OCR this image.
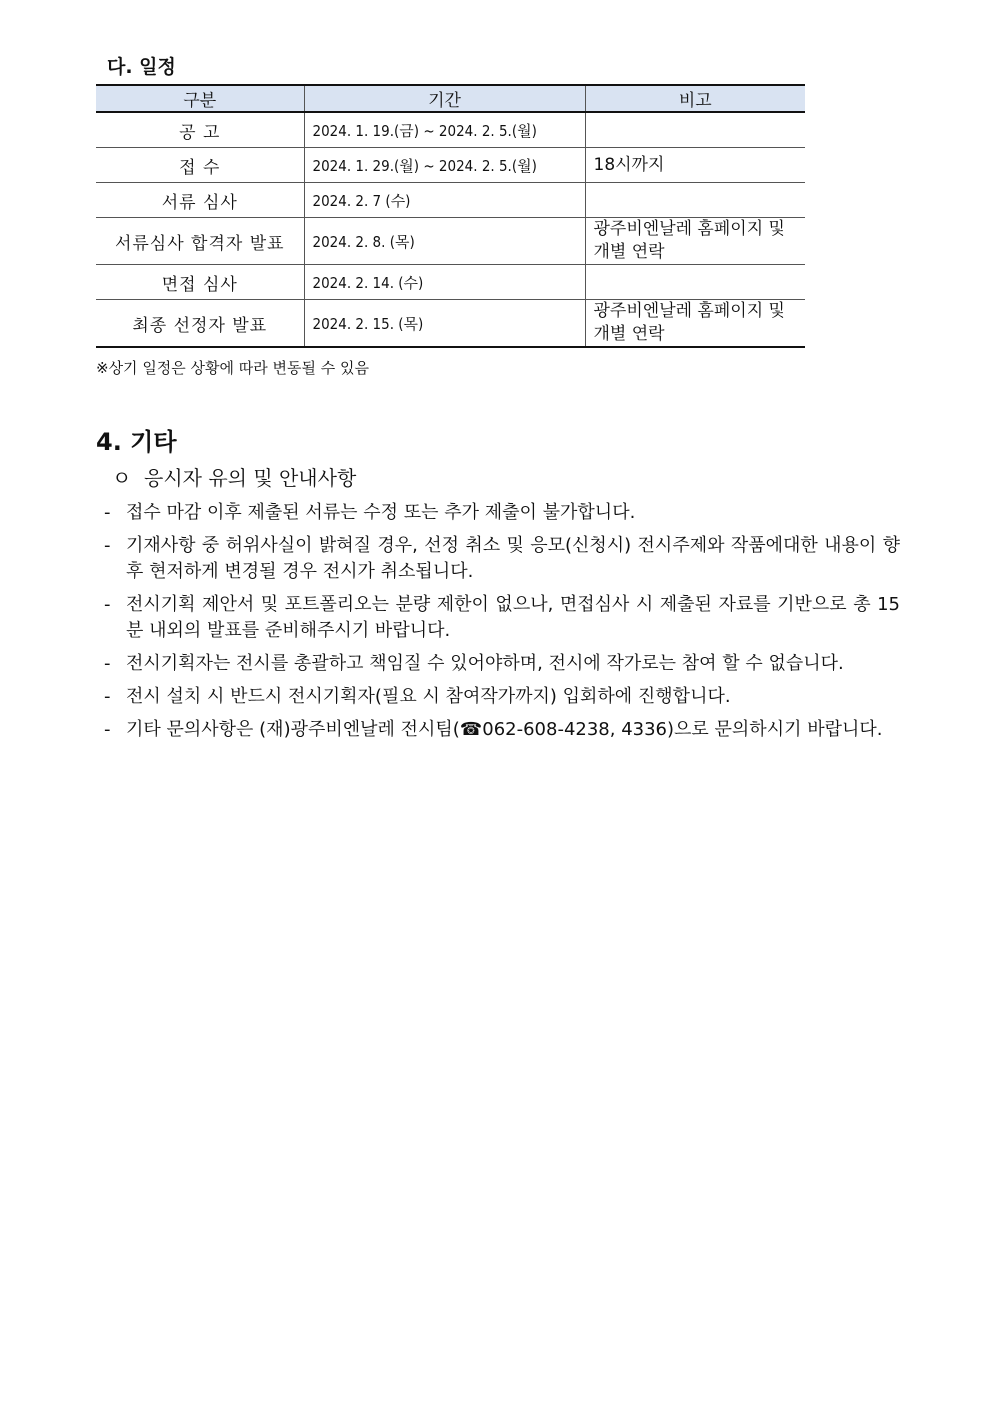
다. 일정
구분	기간	비고
공 고	2024. 1. 19.(금) ~ 2024. 2. 5.(월)	
접 수	2024. 1. 29.(월) ~ 2024. 2. 5.(월)	18시까지
서류 심사	2024. 2. 7 (수)	
서류심사 합격자 발표	2024. 2. 8. (목)	광주비엔날레 홈페이지 및 개별 연락
면접 심사	2024. 2. 14. (수)	
최종 선정자 발표	2024. 2. 15. (목)	광주비엔날레 홈페이지 및 개별 연락
※상기 일정은 상황에 따라 변동될 수 있음
4. 기타
ㅇ 응시자 유의 및 안내사항
- 접수 마감 이후 제출된 서류는 수정 또는 추가 제출이 불가합니다.
- 기재사항 중 허위사실이 밝혀질 경우, 선정 취소 및 응모(신청시) 전시주제와 작품에대한 내용이 향후 현저하게 변경될 경우 전시가 취소됩니다.
- 전시기획 제안서 및 포트폴리오는 분량 제한이 없으나, 면접심사 시 제출된 자료를 기반으로 총 15분 내외의 발표를 준비해주시기 바랍니다.
- 전시기획자는 전시를 총괄하고 책임질 수 있어야하며, 전시에 작가로는 참여 할 수 없습니다.
- 전시 설치 시 반드시 전시기획자(필요 시 참여작가까지) 입회하에 진행합니다.
- 기타 문의사항은 (재)광주비엔날레 전시팀(☎062-608-4238, 4336)으로 문의하시기 바랍니다.
